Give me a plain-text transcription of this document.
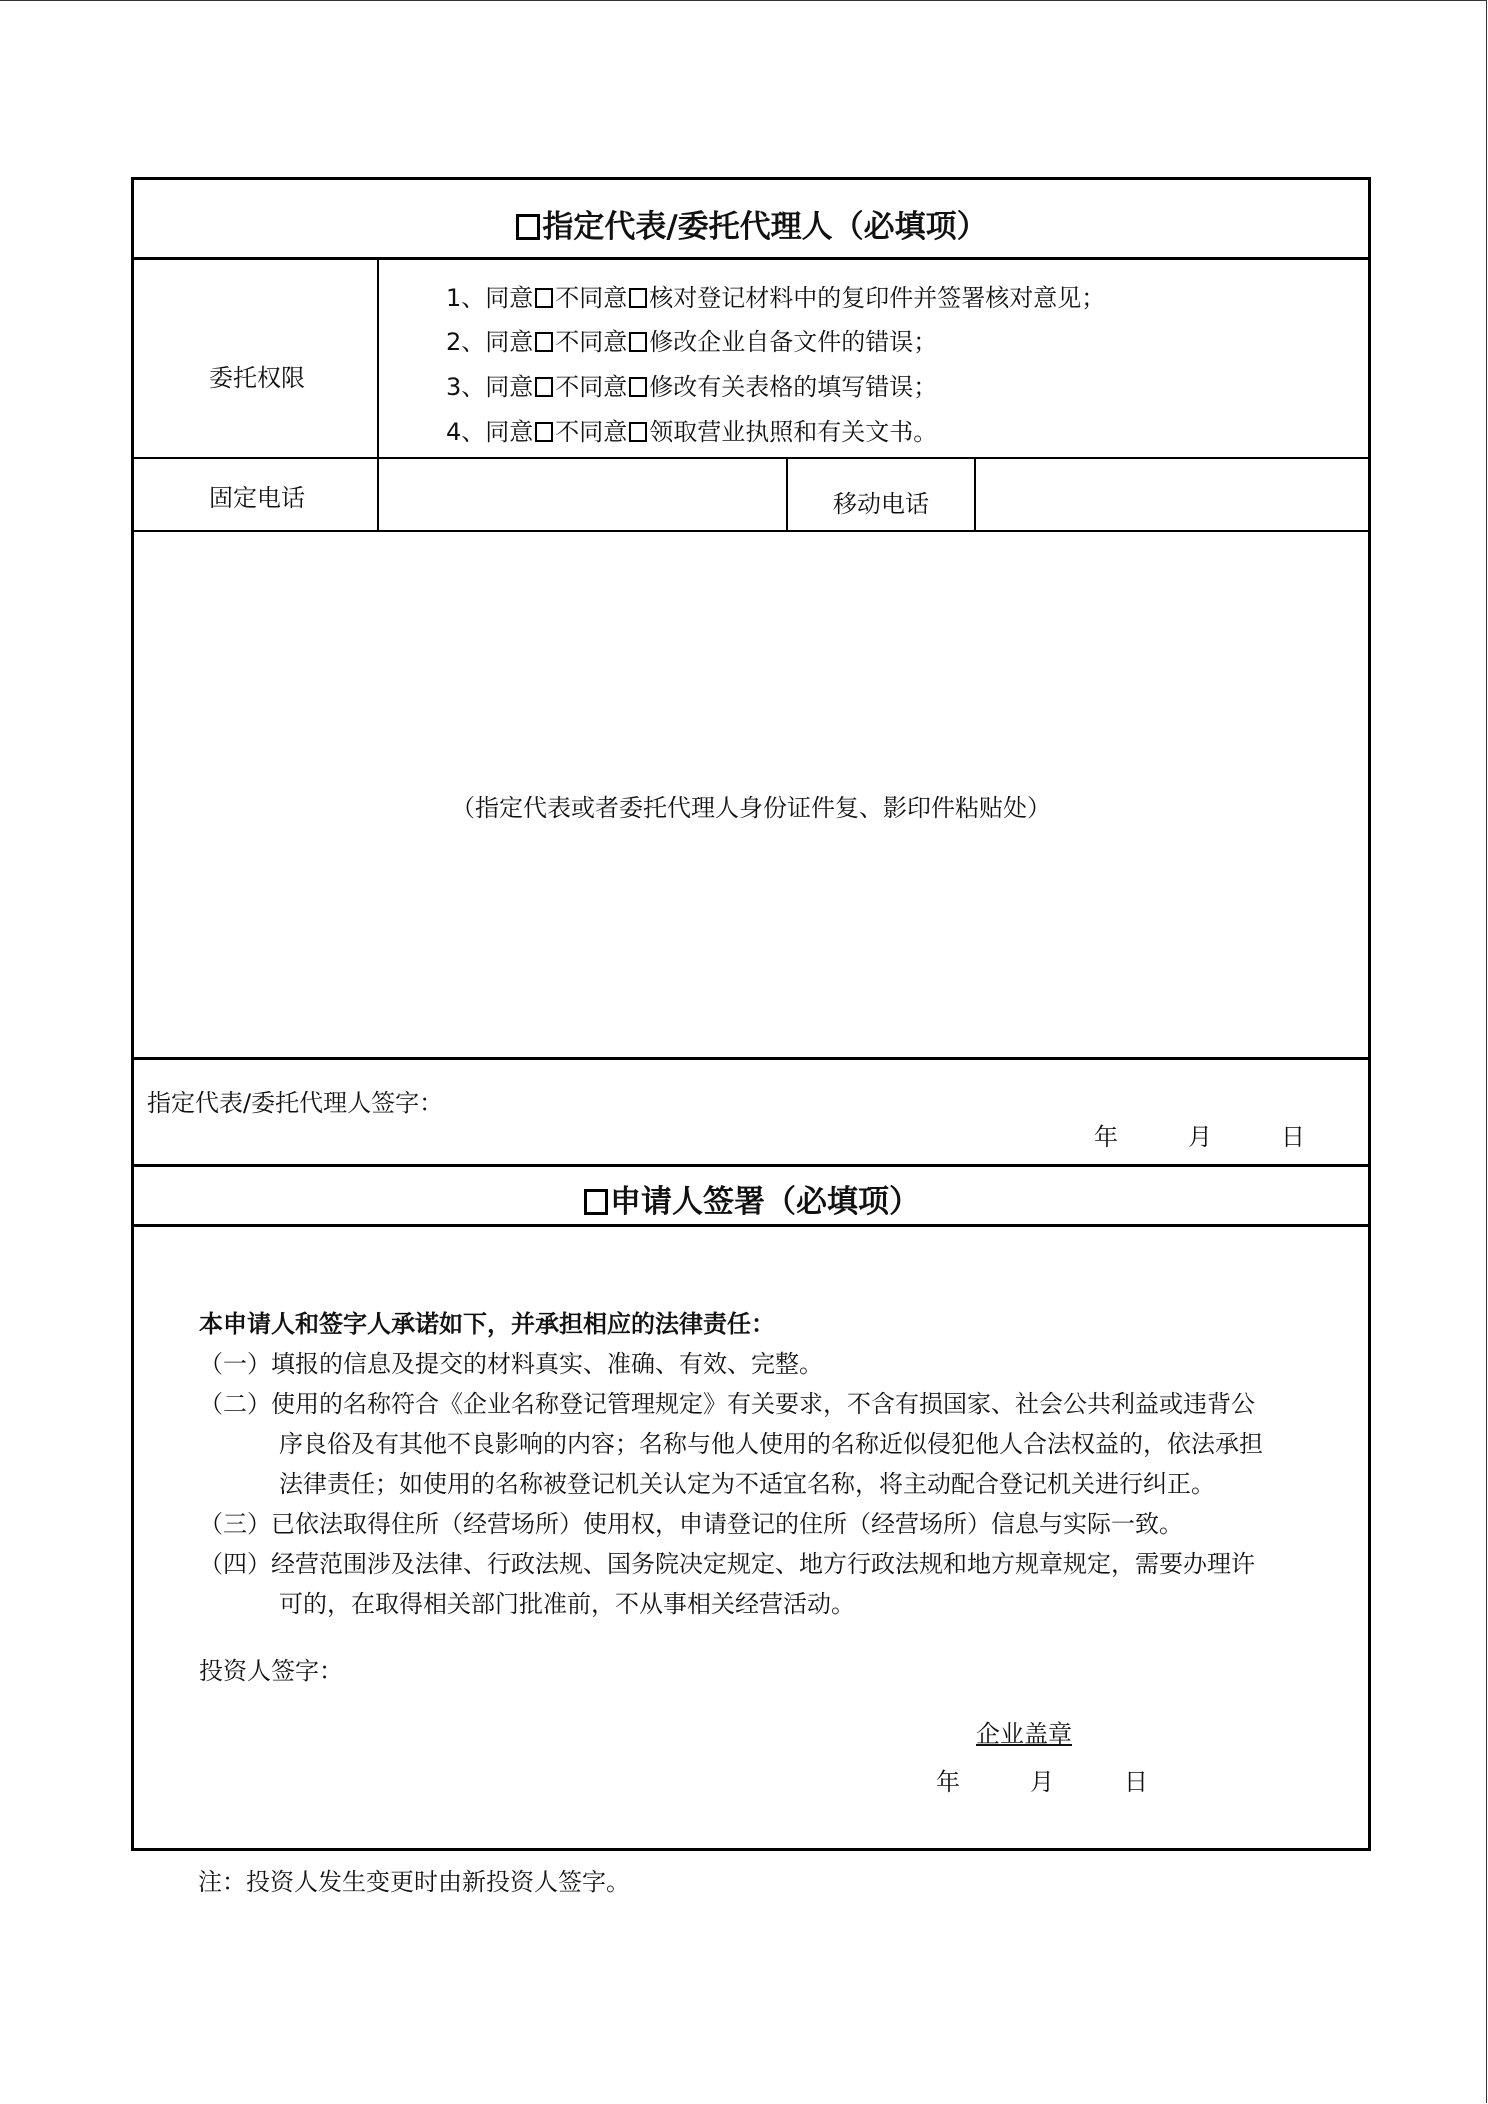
指定代表/委托代理人（必填项）
委托权限
1、同意 不同意 核对登记材料中的复印件并签署核对意见；
2、同意 不同意 修改企业自备文件的错误；
3、同意 不同意 修改有关表格的填写错误；
4、同意 不同意 领取营业执照和有关文书。
固定电话	移动电话
（指定代表或者委托代理人身份证件复、影印件粘贴处）
指定代表/委托代理人签字：
年	月	日
申请人签署（必填项）
本申请人和签字人承诺如下，并承担相应的法律责任：
（一）填报的信息及提交的材料真实、准确、有效、完整。
（二）使用的名称符合《企业名称登记管理规定》有关要求，不含有损国家、社会公共利益或违背公
序良俗及有其他不良影响的内容；名称与他人使用的名称近似侵犯他人合法权益的，依法承担
法律责任；如使用的名称被登记机关认定为不适宜名称，将主动配合登记机关进行纠正。
（三）已依法取得住所（经营场所）使用权，申请登记的住所（经营场所）信息与实际一致。
（四）经营范围涉及法律、行政法规、国务院决定规定、地方行政法规和地方规章规定，需要办理许
可的，在取得相关部门批准前，不从事相关经营活动。
投资人签字：
企业盖章
年	月	日
注：投资人发生变更时由新投资人签字。
